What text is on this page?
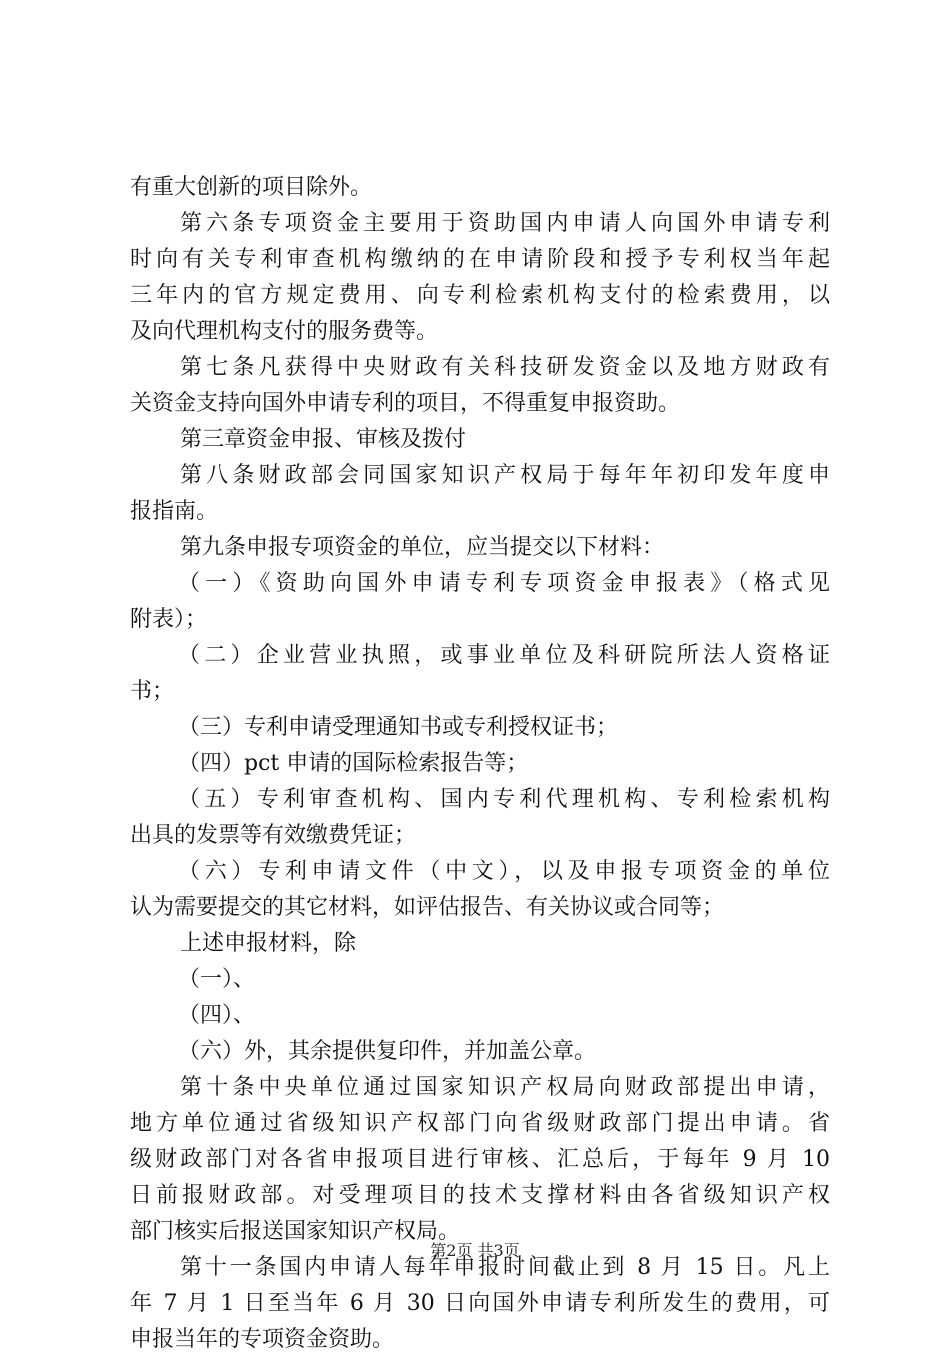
有重大创新的项目除外。
第六条专项资金主要用于资助国内申请人向国外申请专利
时向有关专利审查机构缴纳的在申请阶段和授予专利权当年起
三年内的官方规定费用、向专利检索机构支付的检索费用，以
及向代理机构支付的服务费等。
第七条凡获得中央财政有关科技研发资金以及地方财政有
关资金支持向国外申请专利的项目，不得重复申报资助。
第三章资金申报、审核及拨付
第八条财政部会同国家知识产权局于每年年初印发年度申
报指南。
第九条申报专项资金的单位，应当提交以下材料：
（一）《资助向国外申请专利专项资金申报表》（格式见
附表）；
（二）企业营业执照，或事业单位及科研院所法人资格证
书；
（三）专利申请受理通知书或专利授权证书；
（四）pct 申请的国际检索报告等；
（五）专利审查机构、国内专利代理机构、专利检索机构
出具的发票等有效缴费凭证；
（六）专利申请文件（中文），以及申报专项资金的单位
认为需要提交的其它材料，如评估报告、有关协议或合同等；
上述申报材料，除
（一）、
（四）、
（六）外，其余提供复印件，并加盖公章。
第十条中央单位通过国家知识产权局向财政部提出申请，
地方单位通过省级知识产权部门向省级财政部门提出申请。省
级财政部门对各省申报项目进行审核、汇总后，于每年 9 月 10
日前报财政部。对受理项目的技术支撑材料由各省级知识产权
部门核实后报送国家知识产权局。
第十一条国内申请人每年申报时间截止到 8 月 15 日。凡上
年 7 月 1 日至当年 6 月 30 日向国外申请专利所发生的费用，可
申报当年的专项资金资助。
第2页 共3页
